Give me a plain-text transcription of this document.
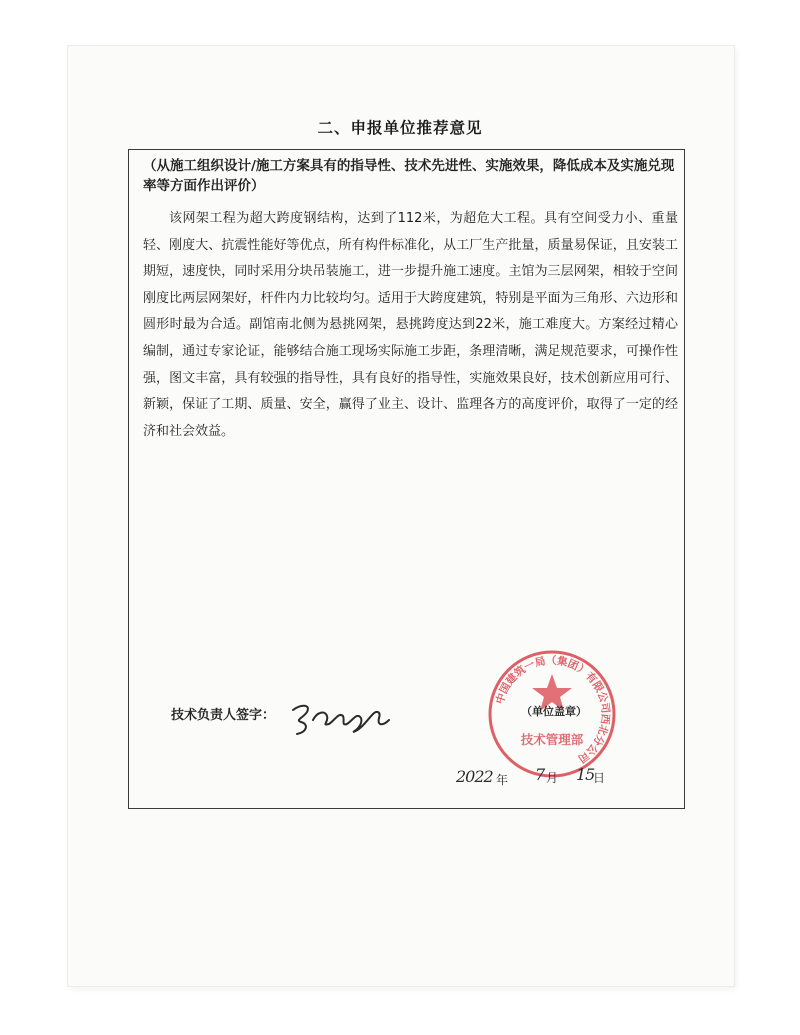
二、申报单位推荐意见
（从施工组织设计/施工方案具有的指导性、技术先进性、实施效果，降低成本及实施兑现率等方面作出评价）
该网架工程为超大跨度钢结构，达到了112米，为超危大工程。具有空间受力小、重量轻、刚度大、抗震性能好等优点，所有构件标准化，从工厂生产批量，质量易保证，且安装工期短，速度快，同时采用分块吊装施工，进一步提升施工速度。主馆为三层网架，相较于空间刚度比两层网架好，杆件内力比较均匀。适用于大跨度建筑，特别是平面为三角形、六边形和圆形时最为合适。副馆南北侧为悬挑网架，悬挑跨度达到22米，施工难度大。方案经过精心编制，通过专家论证，能够结合施工现场实际施工步距，条理清晰，满足规范要求，可操作性强，图文丰富，具有较强的指导性，具有良好的指导性，实施效果良好，技术创新应用可行、新颖，保证了工期、质量、安全，赢得了业主、设计、监理各方的高度评价，取得了一定的经济和社会效益。
技术负责人签字：
中国建筑一局（集团）有限公司西北分公司
技术管理部
（单位盖章）
2022 年 7 月 15
日
